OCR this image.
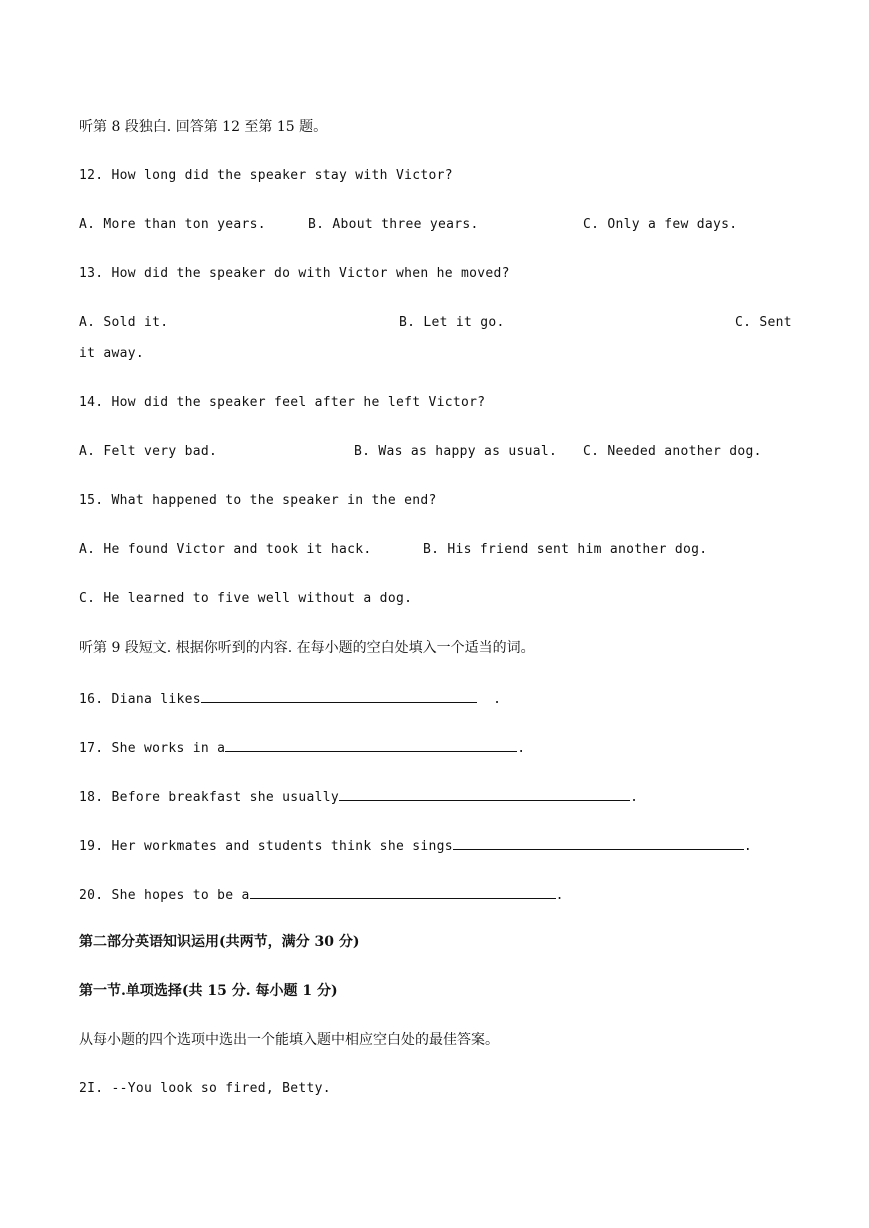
听第 8 段独白. 回答第 12 至第 15 题。
12. How long did the speaker stay with Victor?
A. More than ton years.	B. About three years.	C. Only a few days.
13. How did the speaker do with Victor when he moved?
A. Sold it.	B. Let it go.	C. Sent
it away.
14. How did the speaker feel after he left Victor?
A. Felt very bad.	B. Was as happy as usual. C. Needed another dog.
15. What happened to the speaker in the end?
A. He found Victor and took it hack.	B. His friend sent him another dog.
C. He learned to five well without a dog.
听第 9 段短文. 根据你听到的内容. 在每小题的空白处填入一个适当的词。
16. Diana likes	.
17. She works in a	.
18. Before breakfast she usually	.
19. Her workmates and students think she sings	.
20. She hopes to be a	.
第二部分英语知识运用(共两节，满分 30 分)
第一节.单项选择(共 15 分. 每小题 1 分)
从每小题的四个选项中选出一个能填入题中相应空白处的最佳答案。
2I. --You look so fired, Betty.
